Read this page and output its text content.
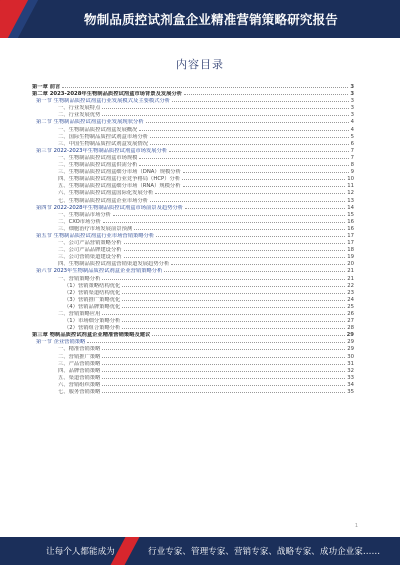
物制品质控试剂盒企业精准营销策略研究报告
内容目录
第一章 前言	3
第二章 2023-2028年生物制品质控试剂盒市场背景及发展分析	3
第一节 生物制品质控试剂盒行业发展模式及主要模式分析	3
一、行业发展特点	3
二、行业发展优势	3
第二节 生物制品质控试剂盒行业发展现状分析	4
一、生物制品质控试剂盒发展概况	4
二、国际生物制品质控试剂盒市场分析	5
三、中国生物制品质控试剂盒发展情况	6
第三节 2022-2023年生物制品质控试剂盒市场发展分析	7
一、生物制品质控试剂盒市场规模	7
二、生物制品质控试剂盒供需分析	8
三、生物制品质控试剂盒细分市场（DNA）规模分析	9
四、生物制品质控试剂盒行业竞争格局（HCP）分析	10
五、生物制品质控试剂盒细分市场（RNA）规模分析	11
六、生物制品质控试剂盒国际化发展分析	12
七、生物制品质控试剂盒企业市场分析	13
第四节 2022-2028年生物制品质控试剂盒市场前景及趋势分析	14
一、生物制品市场分析	15
二、CXO市场分析	16
三、细胞治疗市场发展前景预测	16
第五节 生物制品质控试剂盒行业市场营销策略分析	17
一、公司产品营销策略分析	17
二、公司产品品牌建设分析	18
三、公司营销渠道建设分析	19
四、生物制品质控试剂盒营销渠道发展趋势分析	20
第六节 2023年生物制品质控试剂盒企业营销策略分析	21
一、营销策略分析	21
（1）营销策略结构优化	22
（2）营销渠道结构优化	23
（3）营销推广策略优化	24
（4）营销品牌策略优化	25
二、营销策略应用	26
（1）市场细分策略分析	27
（2）营销组合策略分析	28
第三章 物制品质控试剂盒企业精准营销策略及建议	29
第一节 企业营销策略	29
一、精准营销策略	29
二、营销推广策略	30
三、产品营销策略	31
四、品牌营销策略	32
五、渠道营销策略	33
六、营销组织策略	34
七、服务营销策略	35
1
让每个人都能成为	行业专家、管理专家、营销专家、战略专家、成功企业家……
